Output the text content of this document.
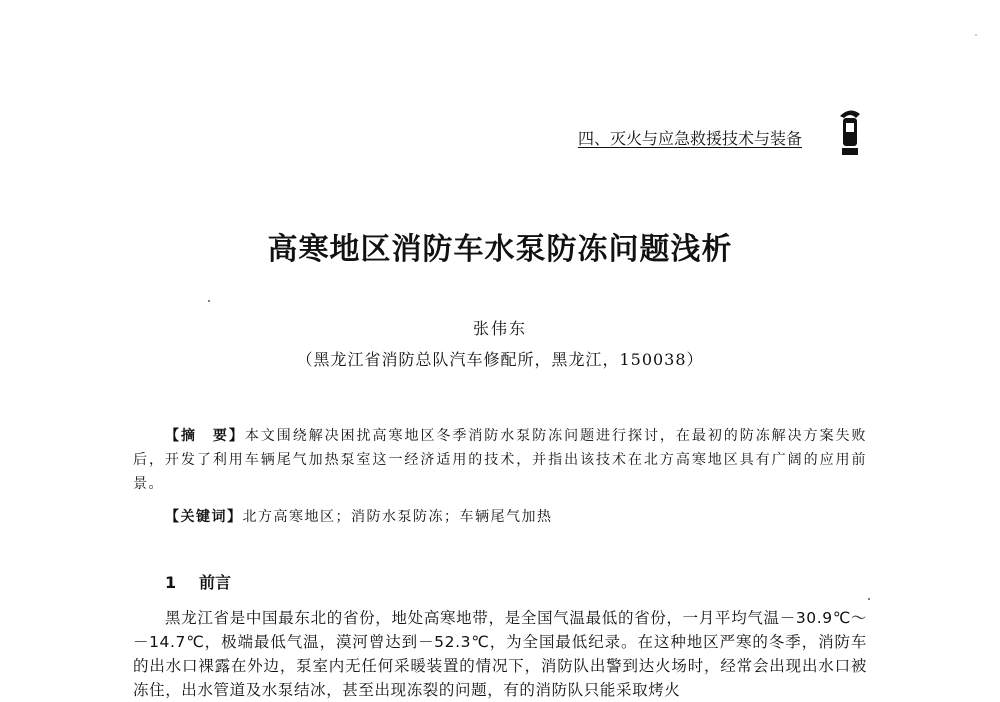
四、灭火与应急救援技术与装备
高寒地区消防车水泵防冻问题浅析
张伟东
（黑龙江省消防总队汽车修配所，黑龙江，150038）

【摘　要】本文围绕解决困扰高寒地区冬季消防水泵防冻问题进行探讨，在最初的防冻解决方案失败后，开发了利用车辆尾气加热泵室这一经济适用的技术，并指出该技术在北方高寒地区具有广阔的应用前景。

【关键词】北方高寒地区；消防水泵防冻；车辆尾气加热
1 前言

黑龙江省是中国最东北的省份，地处高寒地带，是全国气温最低的省份，一月平均气温－30.9℃～－14.7℃，极端最低气温，漠河曾达到－52.3℃，为全国最低纪录。在这种地区严寒的冬季，消防车的出水口裸露在外边，泵室内无任何采暖装置的情况下，消防队出警到达火场时，经常会出现出水口被冻住，出水管道及水泵结冰，甚至出现冻裂的问题，有的消防队只能采取烤火
